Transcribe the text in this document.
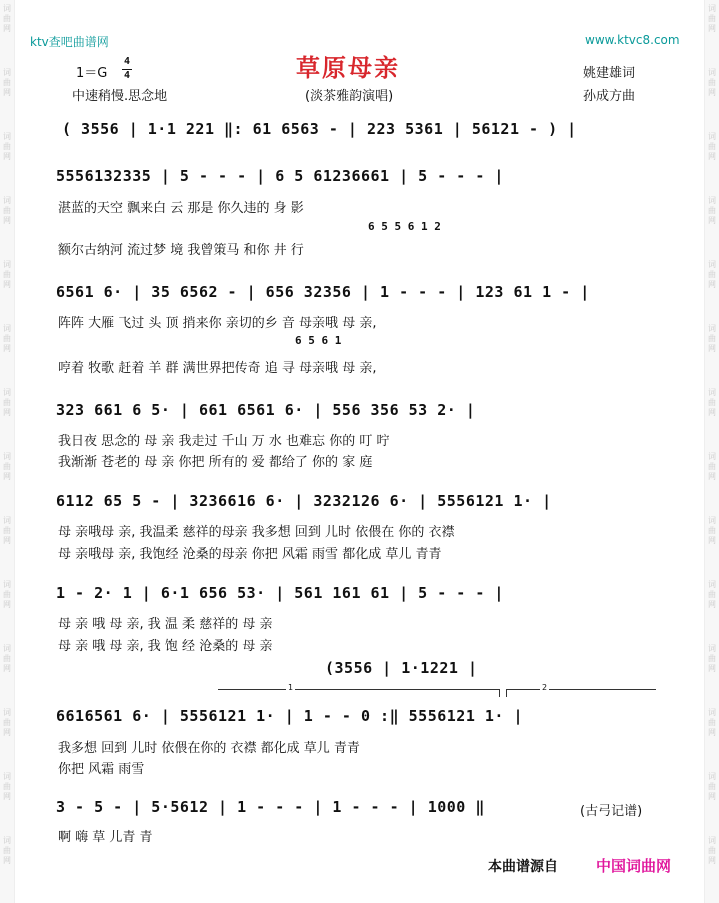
ktv查吧曲谱网	www.ktvc8.com
草原母亲
1＝G
4
4
中速稍慢.思念地	(淡茶雅韵演唱)
姚建雄词
孙成方曲
( 3556 | 1·1 221 ‖: 61 6563 - | 223 5361 | 56121 - ) |
5556132335 | 5 - - - | 6 5 61236661 | 5 - - - |
湛蓝的天空 飘来白 云 那是 你久违的 身 影
6 5 5 6 1 2
额尔古纳河 流过梦 境 我曾策马 和你 井 行
6561 6· | 35 6562 - | 656 32356 | 1 - - - | 123 61 1 - |
阵阵 大雁 飞过 头 顶 捎来你 亲切的乡 音 母亲哦 母 亲,
6 5 6 1
哼着 牧歌 赶着 羊 群 满世界把传奇 追 寻 母亲哦 母 亲,
323 661 6 5· | 661 6561 6· | 556 356 53 2· |
我日夜 思念的 母 亲 我走过 千山 万 水 也难忘 你的 叮 咛
我渐渐 苍老的 母 亲 你把 所有的 爱 都给了 你的 家 庭
6112 65 5 - | 3236616 6· | 3232126 6· | 5556121 1· |
母 亲哦母 亲, 我温柔 慈祥的母亲 我多想 回到 儿时 依偎在 你的 衣襟
母 亲哦母 亲, 我饱经 沧桑的母亲 你把 风霜 雨雪 都化成 草儿 青青
1 - 2· 1 | 6·1 656 53· | 561 161 61 | 5 - - - |
母 亲 哦 母 亲, 我 温 柔 慈祥的 母 亲
母 亲 哦 母 亲, 我 饱 经 沧桑的 母 亲
(3556 | 1·1221 |
1	2
6616561 6· | 5556121 1· | 1 - - 0 :‖ 5556121 1· |
我多想 回到 儿时 依偎在你的 衣襟 都化成 草儿 青青
你把 风霜 雨雪
3 - 5 - | 5·5612 | 1 - - - | 1 - - - | 1000 ‖
啊 嗨 草 儿青 青
(古弓记谱)
本曲谱源自	中国词曲网
词
曲
网
词
曲
网
词
曲
网
词
曲
网
词
曲
网
词
曲
网
词
曲
网
词
曲
网
词
曲
网
词
曲
网
词
曲
网
词
曲
网
词
曲
网
词
曲
网
词
曲
网
词
曲
网
词
曲
网
词
曲
网
词
曲
网
词
曲
网
词
曲
网
词
曲
网
词
曲
网
词
曲
网
词
曲
网
词
曲
网
词
曲
网
词
曲
网
